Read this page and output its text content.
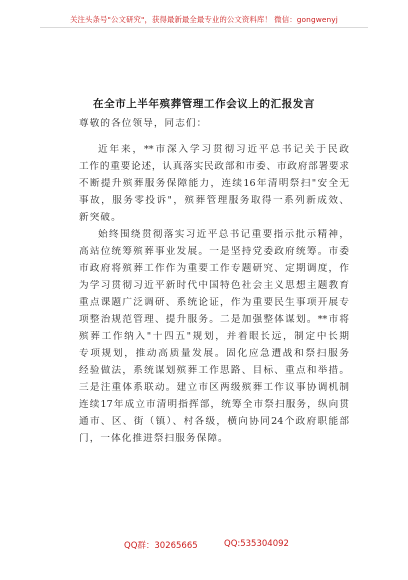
关注头条号"公文研究"，获得最新最全最专业的公文资料库！ 微信：gongwenyj
在全市上半年殡葬管理工作会议上的汇报发言
尊敬的各位领导，同志们：
近年来，**市深入学习贯彻习近平总书记关于民政
工作的重要论述，认真落实民政部和市委、市政府部署要求
不断提升殡葬服务保障能力，连续16年清明祭扫"安全无
事故，服务零投诉"，殡葬管理服务取得一系列新成效、
新突破。
始终围绕贯彻落实习近平总书记重要指示批示精神，
高站位统筹殡葬事业发展。一是坚持党委政府统筹。市委
市政府将殡葬工作作为重要工作专题研究、定期调度，作
为学习贯彻习近平新时代中国特色社会主义思想主题教育
重点课题广泛调研、系统论证，作为重要民生事项开展专
项整治规范管理、提升服务。二是加强整体谋划。**市将
殡葬工作纳入"十四五"规划，并着眼长远，制定中长期
专项规划，推动高质量发展。固化应急遭战和祭扫服务
经验做法，系统谋划殡葬工作思路、目标、重点和举措。
三是注重体系联动。建立市区两级殡葬工作议事协调机制
连续17年成立市清明指挥部，统筹全市祭扫服务，纵向贯
通市、区、街（镇）、村各级，横向协同24个政府职能部
门，一体化推进祭扫服务保障。
QQ群：30265665	QQ:535304092
